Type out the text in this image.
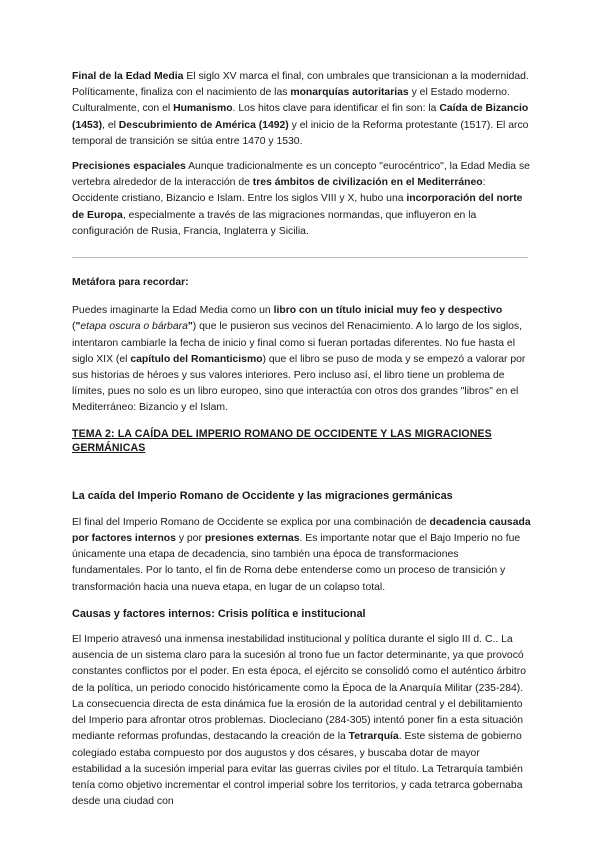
Final de la Edad Media El siglo XV marca el final, con umbrales que transicionan a la modernidad. Políticamente, finaliza con el nacimiento de las monarquías autoritarias y el Estado moderno. Culturalmente, con el Humanismo. Los hitos clave para identificar el fin son: la Caída de Bizancio (1453), el Descubrimiento de América (1492) y el inicio de la Reforma protestante (1517). El arco temporal de transición se sitúa entre 1470 y 1530.

Precisiones espaciales Aunque tradicionalmente es un concepto "eurocéntrico", la Edad Media se vertebra alrededor de la interacción de tres ámbitos de civilización en el Mediterráneo: Occidente cristiano, Bizancio e Islam. Entre los siglos VIII y X, hubo una incorporación del norte de Europa, especialmente a través de las migraciones normandas, que influyeron en la configuración de Rusia, Francia, Inglaterra y Sicilia.

Metáfora para recordar:

Puedes imaginarte la Edad Media como un libro con un título inicial muy feo y despectivo ("etapa oscura o bárbara") que le pusieron sus vecinos del Renacimiento. A lo largo de los siglos, intentaron cambiarle la fecha de inicio y final como si fueran portadas diferentes. No fue hasta el siglo XIX (el capítulo del Romanticismo) que el libro se puso de moda y se empezó a valorar por sus historias de héroes y sus valores interiores. Pero incluso así, el libro tiene un problema de límites, pues no solo es un libro europeo, sino que interactúa con otros dos grandes "libros" en el Mediterráneo: Bizancio y el Islam.

TEMA 2: LA CAÍDA DEL IMPERIO ROMANO DE OCCIDENTE Y LAS MIGRACIONES GERMÁNICAS

La caída del Imperio Romano de Occidente y las migraciones germánicas

El final del Imperio Romano de Occidente se explica por una combinación de decadencia causada por factores internos y por presiones externas. Es importante notar que el Bajo Imperio no fue únicamente una etapa de decadencia, sino también una época de transformaciones fundamentales. Por lo tanto, el fin de Roma debe entenderse como un proceso de transición y transformación hacia una nueva etapa, en lugar de un colapso total.

Causas y factores internos: Crisis política e institucional

El Imperio atravesó una inmensa inestabilidad institucional y política durante el siglo III d. C.. La ausencia de un sistema claro para la sucesión al trono fue un factor determinante, ya que provocó constantes conflictos por el poder. En esta época, el ejército se consolidó como el auténtico árbitro de la política, un periodo conocido históricamente como la Época de la Anarquía Militar (235-284). La consecuencia directa de esta dinámica fue la erosión de la autoridad central y el debilitamiento del Imperio para afrontar otros problemas. Diocleciano (284-305) intentó poner fin a esta situación mediante reformas profundas, destacando la creación de la Tetrarquía. Este sistema de gobierno colegiado estaba compuesto por dos augustos y dos césares, y buscaba dotar de mayor estabilidad a la sucesión imperial para evitar las guerras civiles por el título. La Tetrarquía también tenía como objetivo incrementar el control imperial sobre los territorios, y cada tetrarca gobernaba desde una ciudad con
